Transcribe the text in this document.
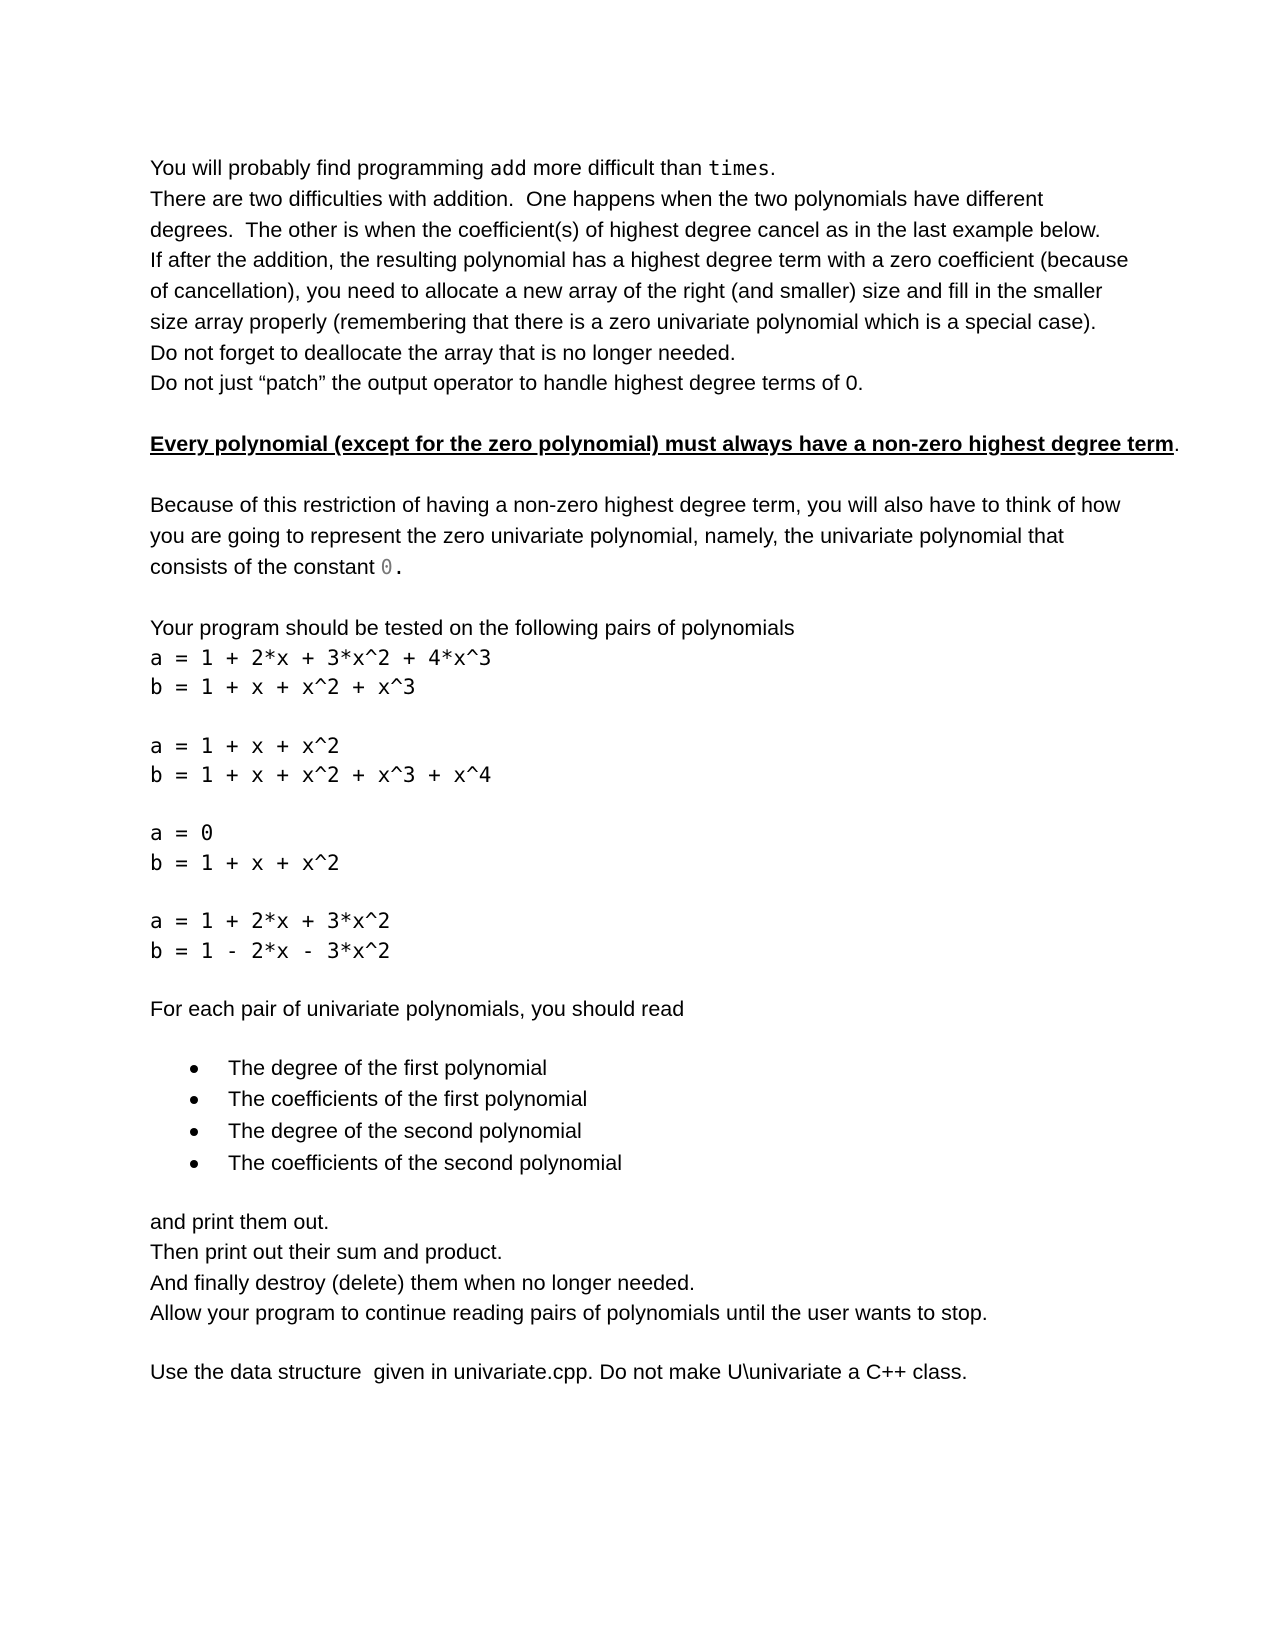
You will probably find programming add more difficult than times.
There are two difficulties with addition.  One happens when the two polynomials have different
degrees.  The other is when the coefficient(s) of highest degree cancel as in the last example below.
If after the addition, the resulting polynomial has a highest degree term with a zero coefficient (because
of cancellation), you need to allocate a new array of the right (and smaller) size and fill in the smaller
size array properly (remembering that there is a zero univariate polynomial which is a special case).
Do not forget to deallocate the array that is no longer needed.
Do not just “patch” the output operator to handle highest degree terms of 0.
Every polynomial (except for the zero polynomial) must always have a non-zero highest degree term.
Because of this restriction of having a non-zero highest degree term, you will also have to think of how
you are going to represent the zero univariate polynomial, namely, the univariate polynomial that
consists of the constant 0.
Your program should be tested on the following pairs of polynomials
a = 1 + 2*x + 3*x^2 + 4*x^3
b = 1 + x + x^2 + x^3
a = 1 + x + x^2
b = 1 + x + x^2 + x^3 + x^4
a = 0
b = 1 + x + x^2
a = 1 + 2*x + 3*x^2
b = 1 - 2*x - 3*x^2
For each pair of univariate polynomials, you should read

The degree of the first polynomial

The coefficients of the first polynomial

The degree of the second polynomial

The coefficients of the second polynomial

and print them out.
Then print out their sum and product.
And finally destroy (delete) them when no longer needed.
Allow your program to continue reading pairs of polynomials until the user wants to stop.
Use the data structure  given in univariate.cpp. Do not make U\univariate a C++ class.
